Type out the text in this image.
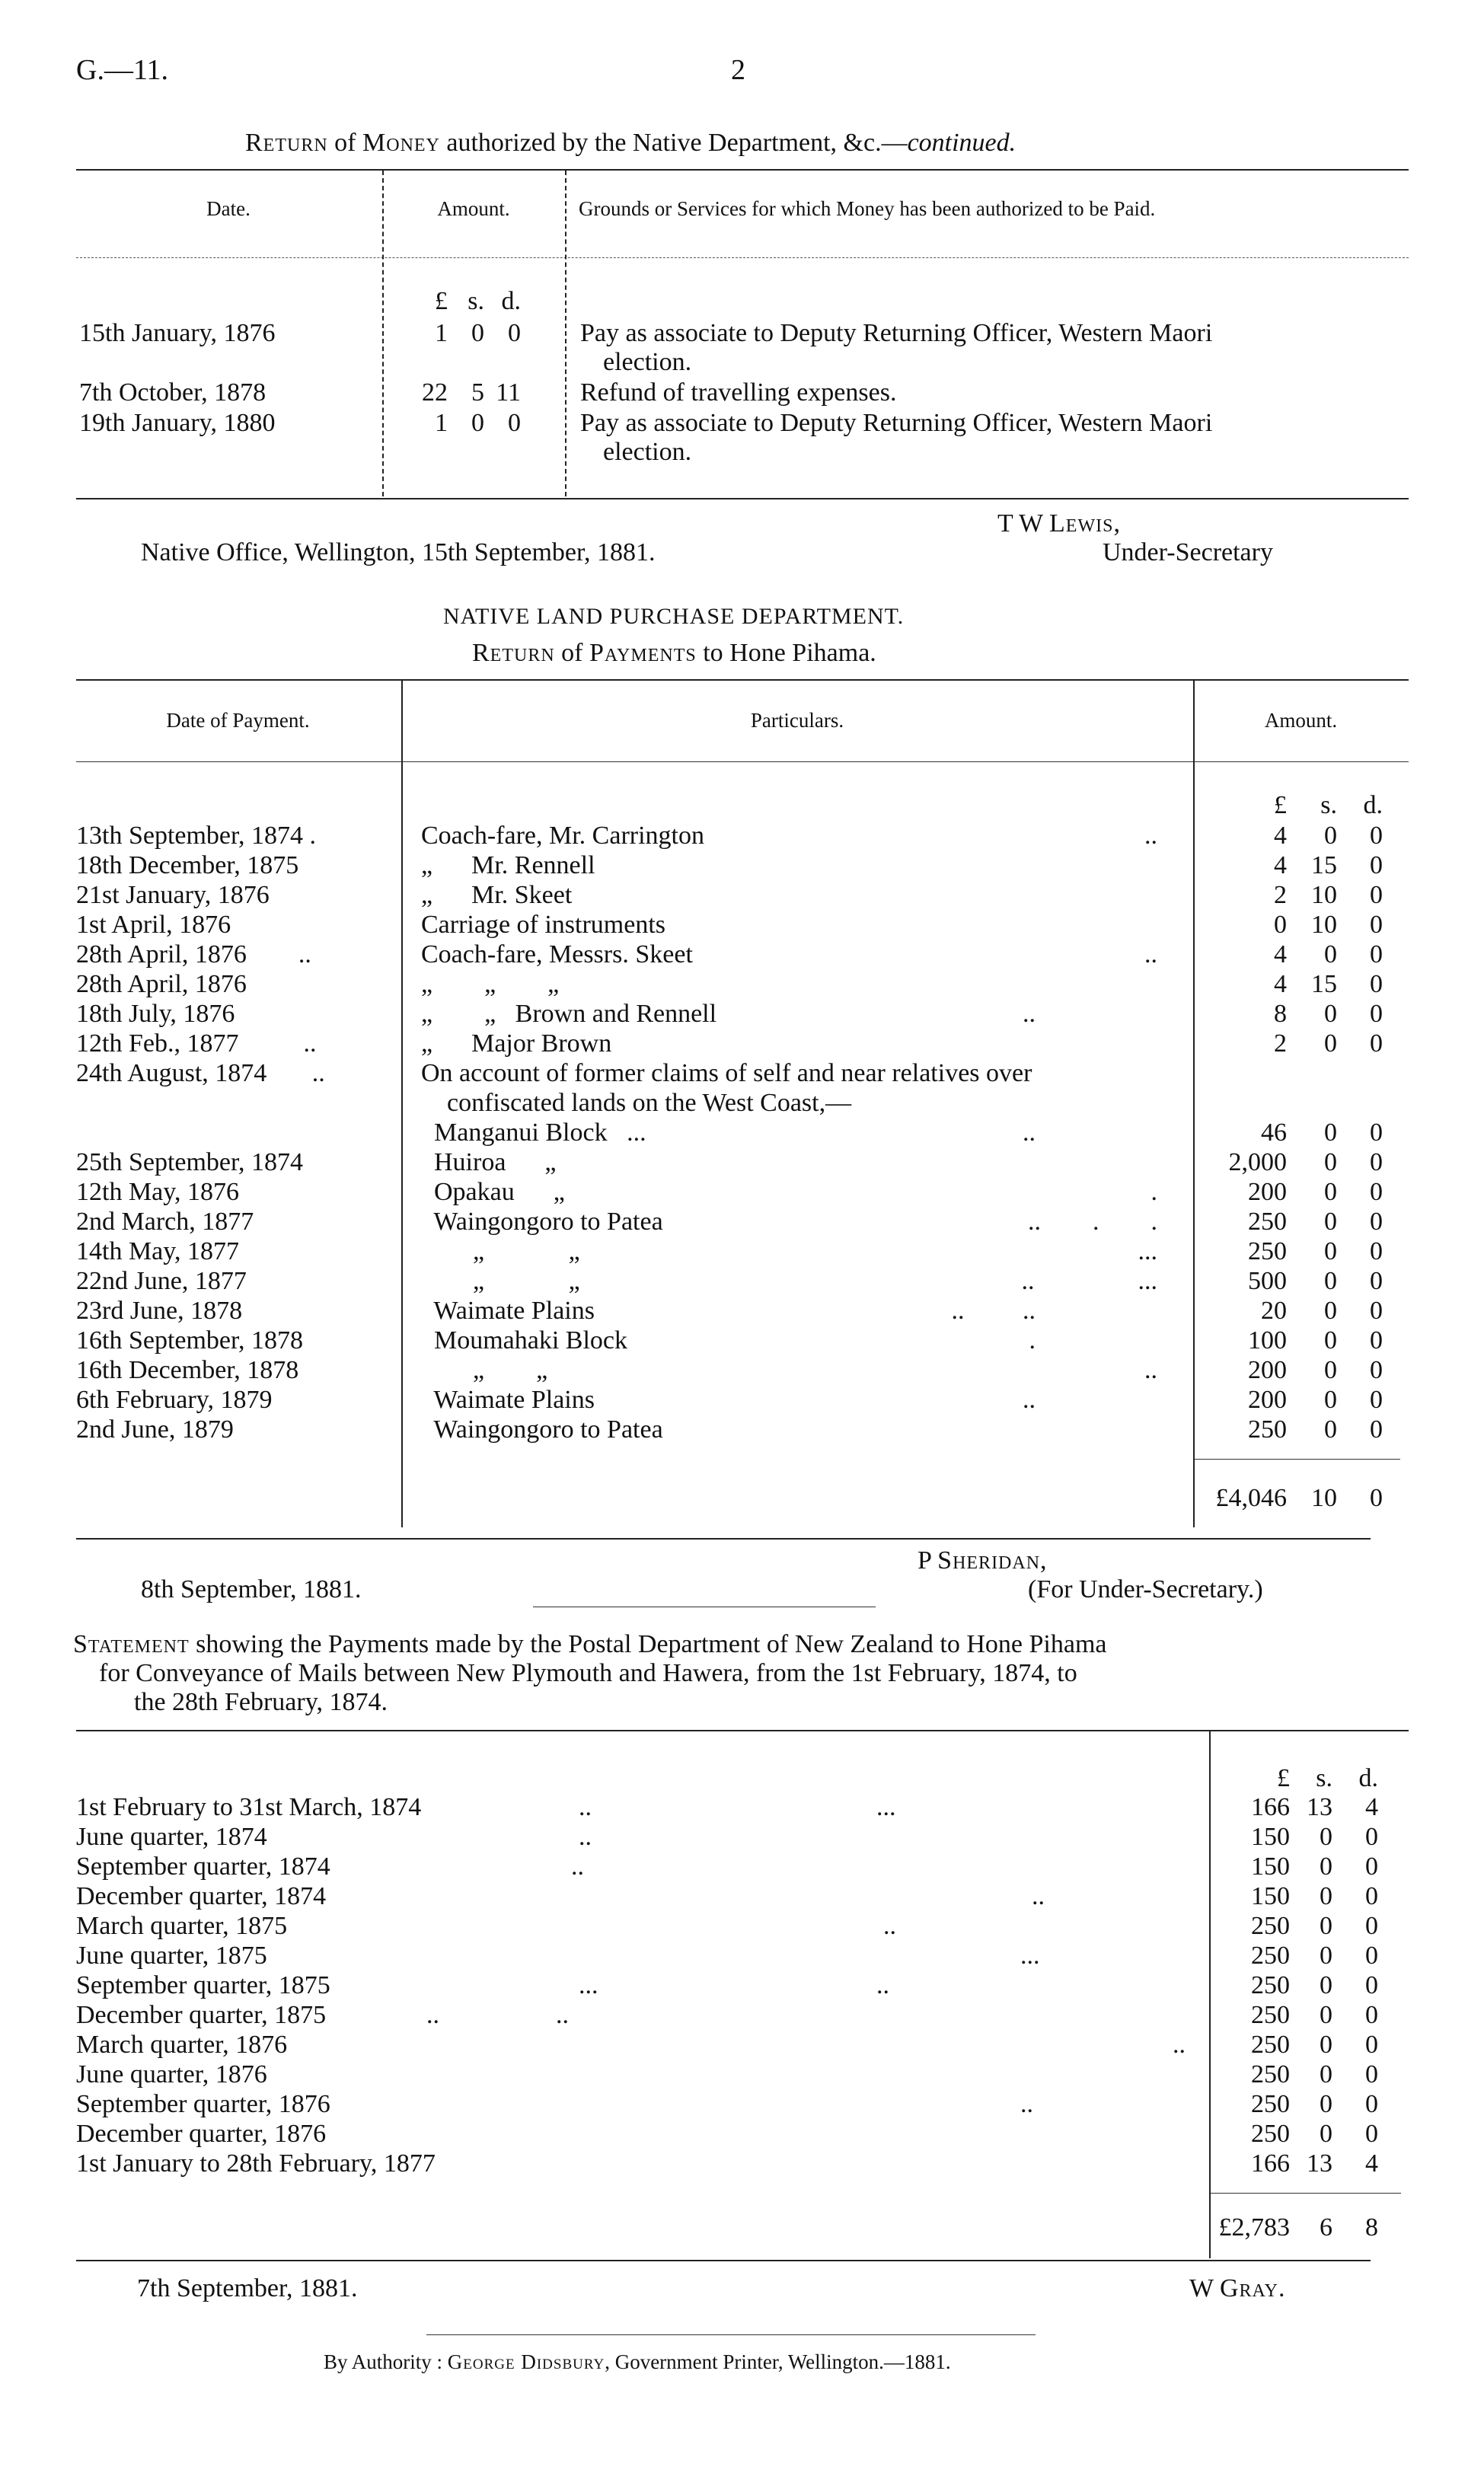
G.—11.	2
Return of Money authorized by the Native Department, &c.—continued.
Date.	Amount.	Grounds or Services for which Money has been authorized to be Paid.
£ s. d.
15th January, 1876	1 0 0 Pay as associate to Deputy Returning Officer, Western Maori
election.
7th October, 1878	22 5 11 Refund of travelling expenses.
19th January, 1880	1 0 0 Pay as associate to Deputy Returning Officer, Western Maori
election.
T W Lewis,
Native Office, Wellington, 15th September, 1881.	Under-Secretary
NATIVE LAND PURCHASE DEPARTMENT.
Return of Payments to Hone Pihama.
Date of Payment.	Particulars.	Amount.
£ s. d.
13th September, 1874 .	Coach-fare, Mr. Carrington	..	4 0 0
18th December, 1875	„      Mr. Rennell	4 15 0
21st January, 1876	„      Mr. Skeet	2 10 0
1st April, 1876	Carriage of instruments	0 10 0
28th April, 1876        ..	Coach-fare, Messrs. Skeet	..	4 0 0
28th April, 1876	„        „        „	4 15 0
18th July, 1876	„        „   Brown and Rennell	..	8 0 0
12th Feb., 1877          ..	„      Major Brown	2 0 0
24th August, 1874       ..	On account of former claims of self and near relatives over
confiscated lands on the West Coast,—
Manganui Block   ...	..	46 0 0
25th September, 1874	Huiroa      „	2,000 0 0
12th May, 1876	Opakau      „	.	200 0 0
2nd March, 1877	Waingongoro to Patea	..        .        .	250 0 0
14th May, 1877	„             „	...	250 0 0
22nd June, 1877	„             „	..                ...	500 0 0
23rd June, 1878	Waimate Plains	..         ..	20 0 0
16th September, 1878	Moumahaki Block	.	100 0 0
16th December, 1878	„        „	..	200 0 0
6th February, 1879	Waimate Plains	..	200 0 0
2nd June, 1879	Waingongoro to Patea	250 0 0
£4,046 10 0
P Sheridan,
8th September, 1881.	(For Under-Secretary.)
Statement showing the Payments made by the Postal Department of New Zealand to Hone Pihama
for Conveyance of Mails between New Plymouth and Hawera, from the 1st February, 1874, to
the 28th February, 1874.
£ s. d.
1st February to 31st March, 1874	..                                            ...	166 13 4
June quarter, 1874	..	150 0 0
September quarter, 1874	..	150 0 0
December quarter, 1874	..	150 0 0
March quarter, 1875	..	250 0 0
June quarter, 1875	...	250 0 0
September quarter, 1875	...                                           ..	250 0 0
December quarter, 1875	..                  ..	250 0 0
March quarter, 1876	..	250 0 0
June quarter, 1876	250 0 0
September quarter, 1876	..	250 0 0
December quarter, 1876	250 0 0
1st January to 28th February, 1877	166 13 4
£2,783 6 8
7th September, 1881.	W Gray.
By Authority : George Didsbury, Government Printer, Wellington.—1881.
